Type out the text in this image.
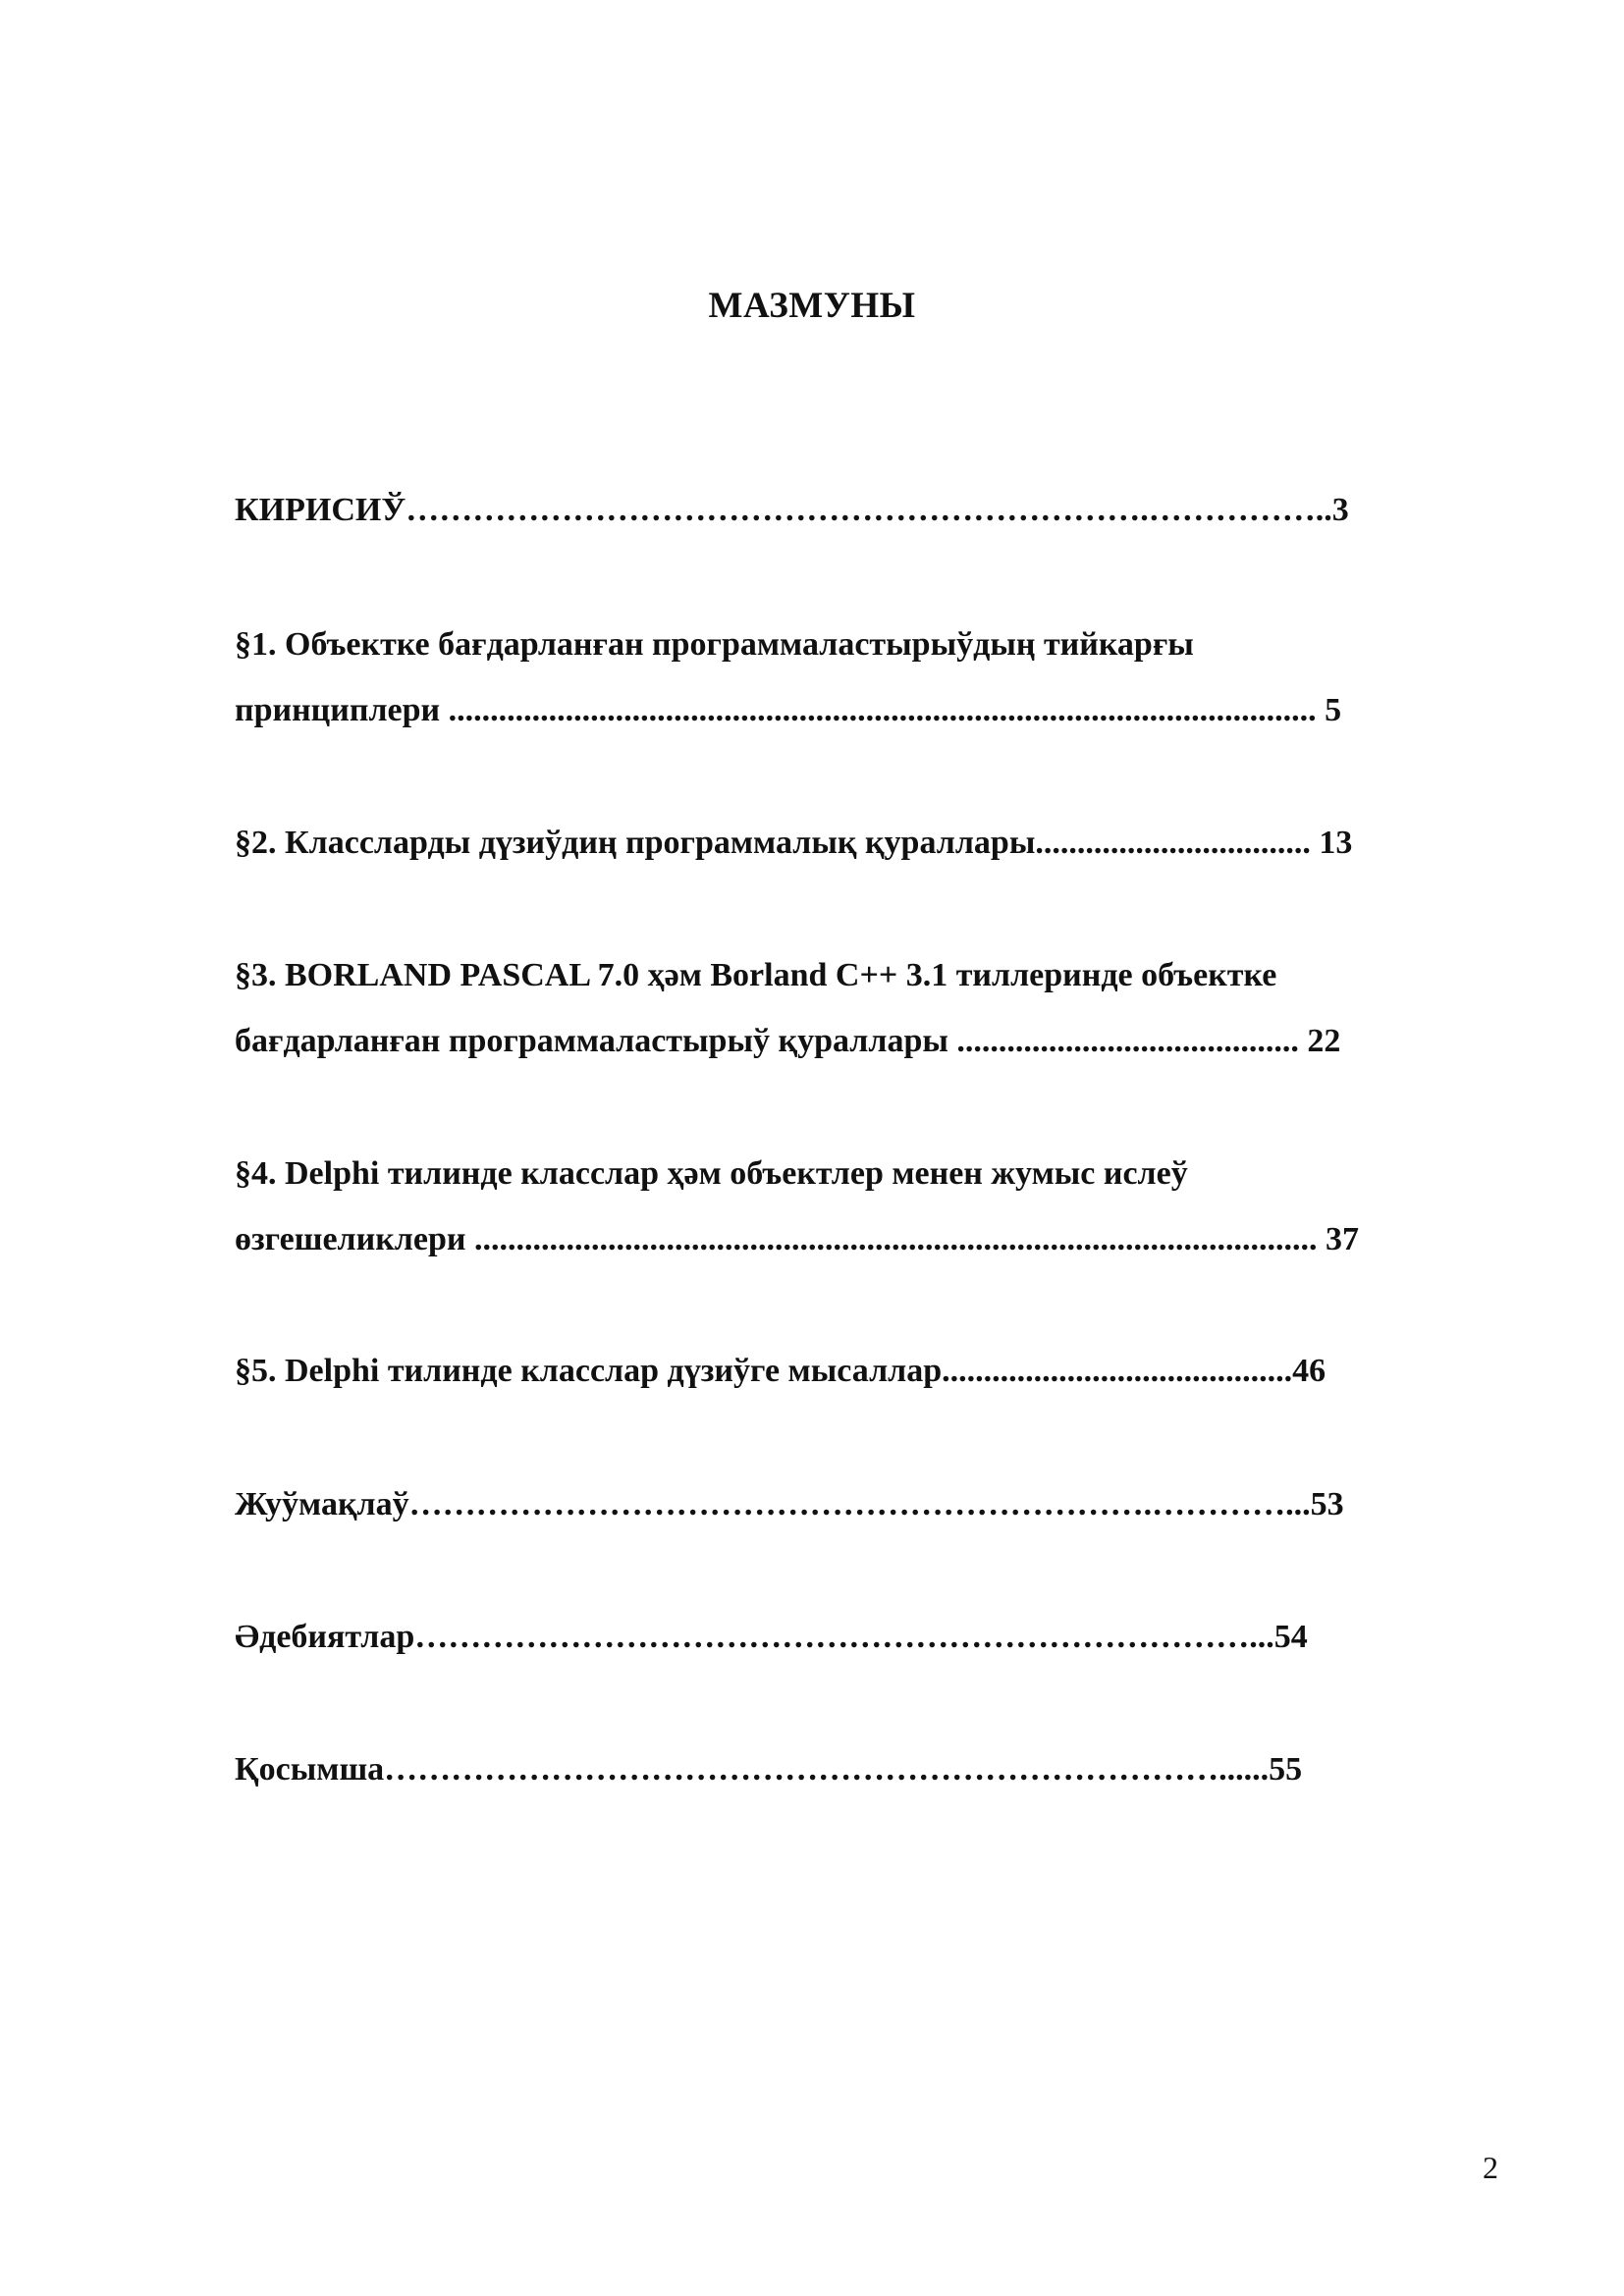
МАЗМУНЫ
КИРИСИЎ………………………………………………………….……………..3
§1. Объектке бағдарланған программаластырыўдың тийкарғы
принциплери ........................................................................................................ 5
§2. Классларды дүзиўдиң программалық қураллары................................. 13
§3. BORLAND PASCAL 7.0 ҳәм Borland C++ 3.1 тиллеринде объектке
бағдарланған программаластырыў қураллары ......................................... 22
§4. Delphi тилинде класслар ҳәм объектлер менен жумыс ислеў
өзгешеликлери ..................................................................................................... 37
§5. Delphi тилинде класслар дүзиўге мысаллар..........................................46
Жуўмақлаў………………………………………………………….…………...53
Әдебиятлар…………………………………………………………………...54
Қосымша…………………………………………………………………......55
2
